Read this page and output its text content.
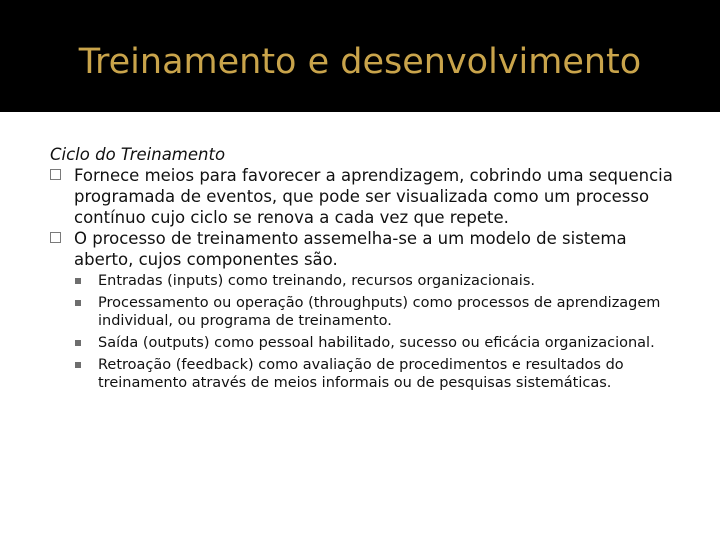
Treinamento e desenvolvimento

Ciclo do Treinamento

Fornece meios para favorecer a aprendizagem, cobrindo uma sequencia programada de eventos, que pode ser visualizada como um processo contínuo cujo ciclo se renova a cada vez que repete.
O processo de treinamento assemelha-se a um modelo de sistema aberto, cujos componentes são.
Entradas (inputs) como treinando, recursos organizacionais.
Processamento ou operação (throughputs) como processos de aprendizagem individual, ou programa de treinamento.
Saída (outputs) como pessoal habilitado, sucesso ou eficácia organizacional.
Retroação (feedback) como avaliação de procedimentos e resultados do treinamento através de meios informais ou de pesquisas sistemáticas.
